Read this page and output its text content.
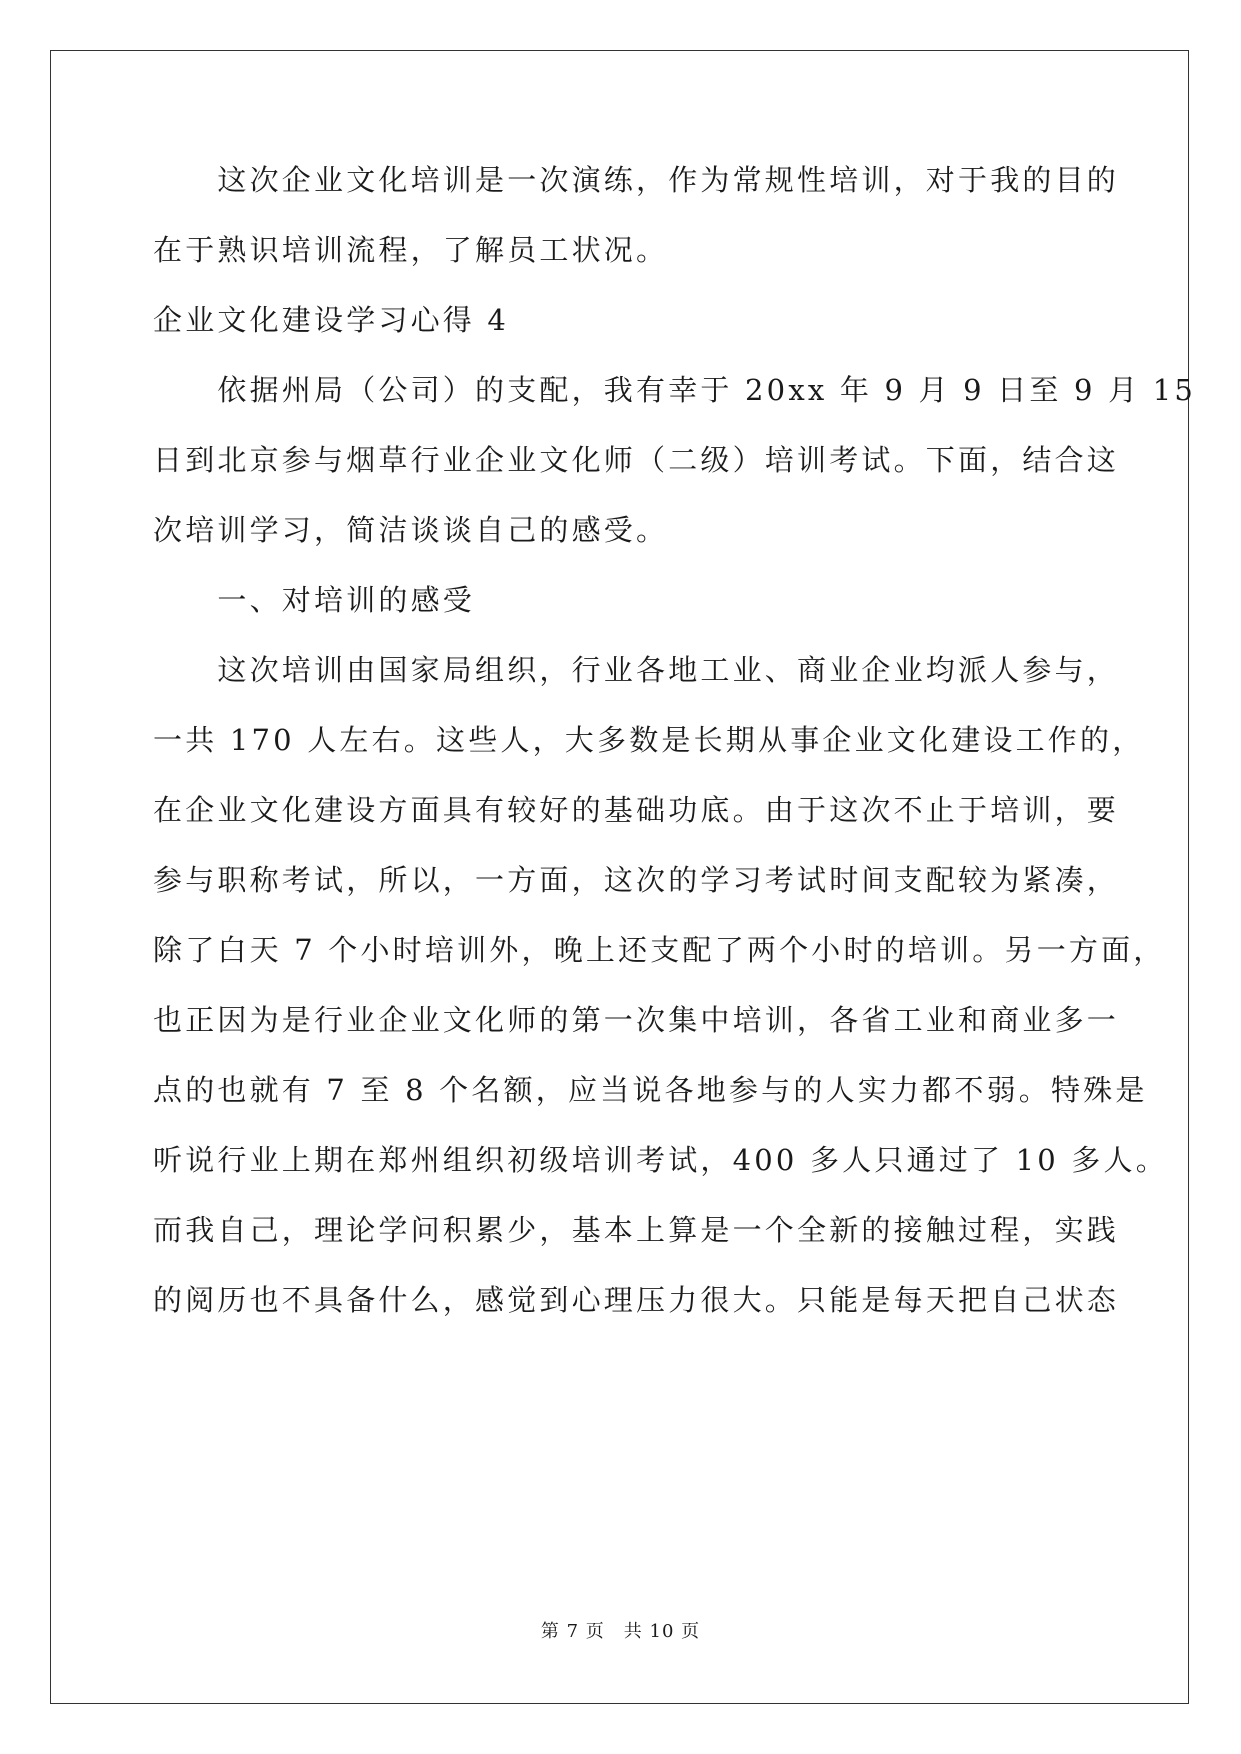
　　这次企业文化培训是一次演练，作为常规性培训，对于我的目的
在于熟识培训流程，了解员工状况。
企业文化建设学习心得 4
　　依据州局（公司）的支配，我有幸于 20xx 年 9 月 9 日至 9 月 15
日到北京参与烟草行业企业文化师（二级）培训考试。下面，结合这
次培训学习，简洁谈谈自己的感受。
　　一、对培训的感受
　　这次培训由国家局组织，行业各地工业、商业企业均派人参与，
一共 170 人左右。这些人，大多数是长期从事企业文化建设工作的，
在企业文化建设方面具有较好的基础功底。由于这次不止于培训，要
参与职称考试，所以，一方面，这次的学习考试时间支配较为紧凑，
除了白天 7 个小时培训外，晚上还支配了两个小时的培训。另一方面，
也正因为是行业企业文化师的第一次集中培训，各省工业和商业多一
点的也就有 7 至 8 个名额，应当说各地参与的人实力都不弱。特殊是
听说行业上期在郑州组织初级培训考试，400 多人只通过了 10 多人。
而我自己，理论学问积累少，基本上算是一个全新的接触过程，实践
的阅历也不具备什么，感觉到心理压力很大。只能是每天把自己状态
第 7 页　共 10 页
